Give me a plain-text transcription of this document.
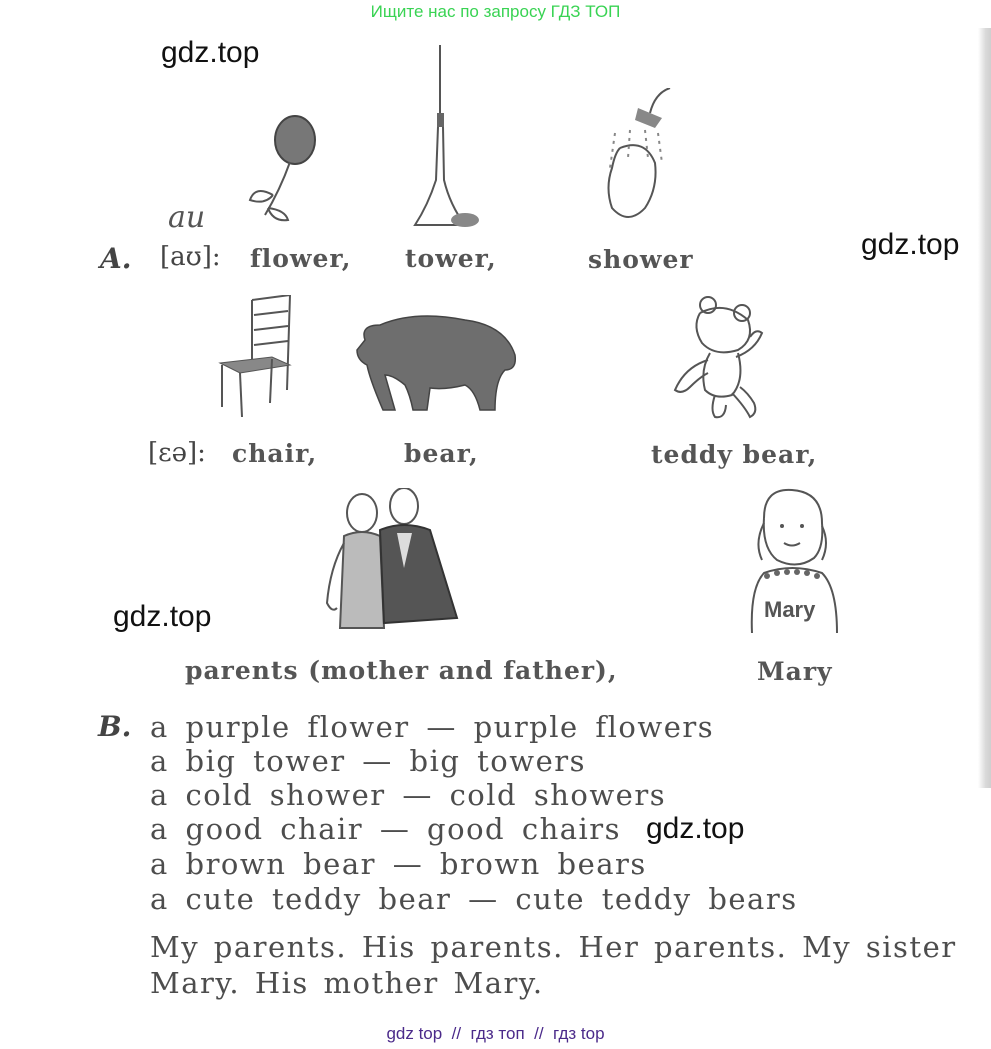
Ищите нас по запросу ГДЗ ТОП
gdz.top
gdz.top
gdz.top
gdz.top
au
A. [aʊ]: flower, tower,	shower
[ɛə]: chair,	bear,	teddy bear,
Mary
parents (mother and father),	Mary
B. a purple flower — purple flowers
a big tower — big towers
a cold shower — cold showers
a good chair — good chairs
a brown bear — brown bears
a cute teddy bear — cute teddy bears
My parents. His parents. Her parents. My sister
Mary. His mother Mary.
gdz top  //  гдз топ  //  гдз top
